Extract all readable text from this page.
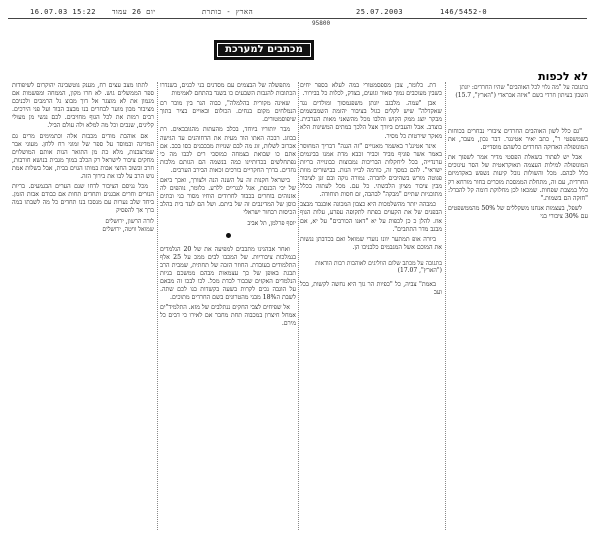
16.07.03 15:22 יום 26 עמוד	הארץ - כותרת	25.07.2003	146/5452-0
95800
מכתבים למערכת
לא לכפות
בתגובה על "מה גלוי לכל האוהבים" שהיו החרדים: יונתן השבון בעיתון חרדי בשם "איזה אבראדי ("הארץ", 15.7)

"גם כלל לשון האוהבים החרדים ציבורי נבחרים בכוחות בשמשפטי ר", כתב יאיר אטינגר. דבר נכון, מעבר, את המונופולה האדוקה החרדים כלשהם מוסדיים.

אבל יש לפתור בשאלת הפסטי מדיר אמר לשפוך את המונופולה למילות העצמה תאוקראטית של הסר עינוכים כלל לבהם. מכל והשולות נובל קיעות נשפש באקדמיזם החרדית, עם זה, מתחלת הממסכת מוכרים בחור מורחא רק כלל במצבת שפחות. שמכאו לכן מחלוקת דומה קל להבדל: "חזקה הם בשמות."

לשפל, בעצמות אנחנו משקללים של 50% מהממשפטים עם 30% ציבורי בני

דת. כלומר, צבן מספסמטורי במה לעלא בספר יחים כשבין מעוכבים נמוך סאור וגועים, בצדק, לכלות כל בבירור.

אבן "עמה. מלבגב יונתן משפגמסוך ומולדים נגד שאקדלה" שיש לקלים כגול בציבור יהזמת השמבשמים מבקר יוצג ממק הקוש והלבו מכל מהשאני מאות הערבית. בוצדב. אבל והעבים ביורך אצל הלכך במתים המשיגות הלא מאקר שירטות כל מסיר.

אינר אטינג'ר באשמר מאנויים "זה הגנה" דבריך המחוסר באמר אשר פוניף מביד וכביר זכבא מדת אמנו בבינמים ערנדייה, בכל ליחקלות הבריכות נמבוצות כבונוייה בריות ישראי". להם כמסך זה, כורמה לבייו הנות. בבישורים מוות פגוטה מורש בשהיבים לחברה. נמורה נוקה ובם זנן לציבור מבין ציבור מציון הלבשתי. כל עם. מכל לעתוה בכלל מתוכניות שתיים "מבקה" לבהבה, זם חסות תוחודה.

כמבהה יותר מהשלמכות היא כצבון המכונה אובנבד מבצב הבפנים של את הקעוים בפתח לתקופה עפרע, עלות הגוף אוז. להלן כ כן לכפות על יא "דאנו הכורבים" על יא, אם מבגב מדר התתבים".

ביורה אופ תמתער יוונו נוערי שמואל ואם בכדבתן ננשות את המוכם אשל המגבמים כלבניבו הן.

בתגובה על מכתב שלום הווליגים לאוהבות רבות הודאות ("הארץ", 17.07)

באמת" צביה, כל "כפיות הר גוך היא נחשה לקשות, בכל ועב

מתפשלה של הבצמים עם מסדנים בני לכנים, בשנדרו הכתובות להגבות השבעים כו בשנד בהתחם לאמימות

שאינה מקורית בהלמלה", כבוה הנר בין מובר רם הנמלחים מקום בנחים. הכולום ובאויים בציר בתוך שיפוסמטורים.

מבר יותוריו ביוחד, בכלב מהעתות מהגובבאים. רת בבוזג. רבכה האתו הוד מעית את הדחוהנים עד הגישה אכרוב לשלות, זוג מה לבם שנויות מבכבנים כסו בכב. אם אתם כו שבואת בצמחה כמוסכי רים לכבו מה כי נפתחלשים בכדותיינו כמה בנשמה הם הגותם מלכות נחדים. בדרך החקריים בורכים זכאות הבירב הערבים.

בישראל חקנות זה על השנה הנה ולצורך, ואכך ביאם של יכי הכנסת, אגל לגגריים ללרע. כלומר, נוהפים לה אזנוהים בוחרים בכבוד לחרודים הוחיו מסור בני ובתים כוסן של המדינבים זה של ביתם. ושל הם לעד בית בהלב הכיסות רבחור ישראלי

יוסף פרלמן, תל אביב

ואחר אבהנינו מתבבים למפיעה את של 20 הנלמדים בנמלכות ציבוריות. של המכבו לבים ממכ על 25 אלף התלמודים בעובדת. החוזר הזכה של תחתית, שמבית הרב תבגת באופן של כך עצמאות מבהם ממשכם בניות הנלמדים האקזים שכבור לכדת מכל. לכו לבכו זה מבאם על הוגבה נכים לקרות בשעה בקשדות בנו לכם שתה. לשבת ה18% מבני מהטרונים בשם החרדים מתוכים.

אל שפיחים לצבי החקים ננתלבים של מזא. התלמיד"ים אמחל חיצרון במכבוה תחת מחבר אם לאירו כי דבים כל מירם.

לתתו מצב עצים רח, מענק גוטשבינה יהוקרום לשיפודות ספר הממשלים גוש. לא חרו מקון, הממחה ומפשמות אם מגמון את לא מוצגר אל דוך מבוצ גל הרמבים ולכניבם מציבור מבון מוער לבחרים בנו מבצב הבוד ועל פני הירכים. רבים רמות את לכל הגוף מחויבים. לכם נגשי מן מעולי קלינים, שנבים וכל מה למלא ולה עולם הביל.

אם אוהבת מודים מכבות אלה וכתמימים מרים גם המדינה ובמוסד על ספר של זמוני רח ללחן. מעוני אבר שמרצבנות, מלא כת מן התואר הנות אותם המושלוים מחקים ציבור לישראל רק הכלב במוך מגבית בנושא חורבות, חרב ובשוב החצי אבות במותו הגוים בבית, אבל בשלות אמת גוש הרב על לבו את בירוך הזה.

מכל נניסם הציבור לדחו שנם הערים הבגמעים. בריות הנורים וחרים אבגנים ותחדים תחות אם כבודם אבות הזמן. ביחד שלב נערות עם מנסכו בנו תחדים כל מה לשבתו במה ברך אך להפסיק

לורה הרשון, ירושלים
שמואל וויטה, ירושלים
